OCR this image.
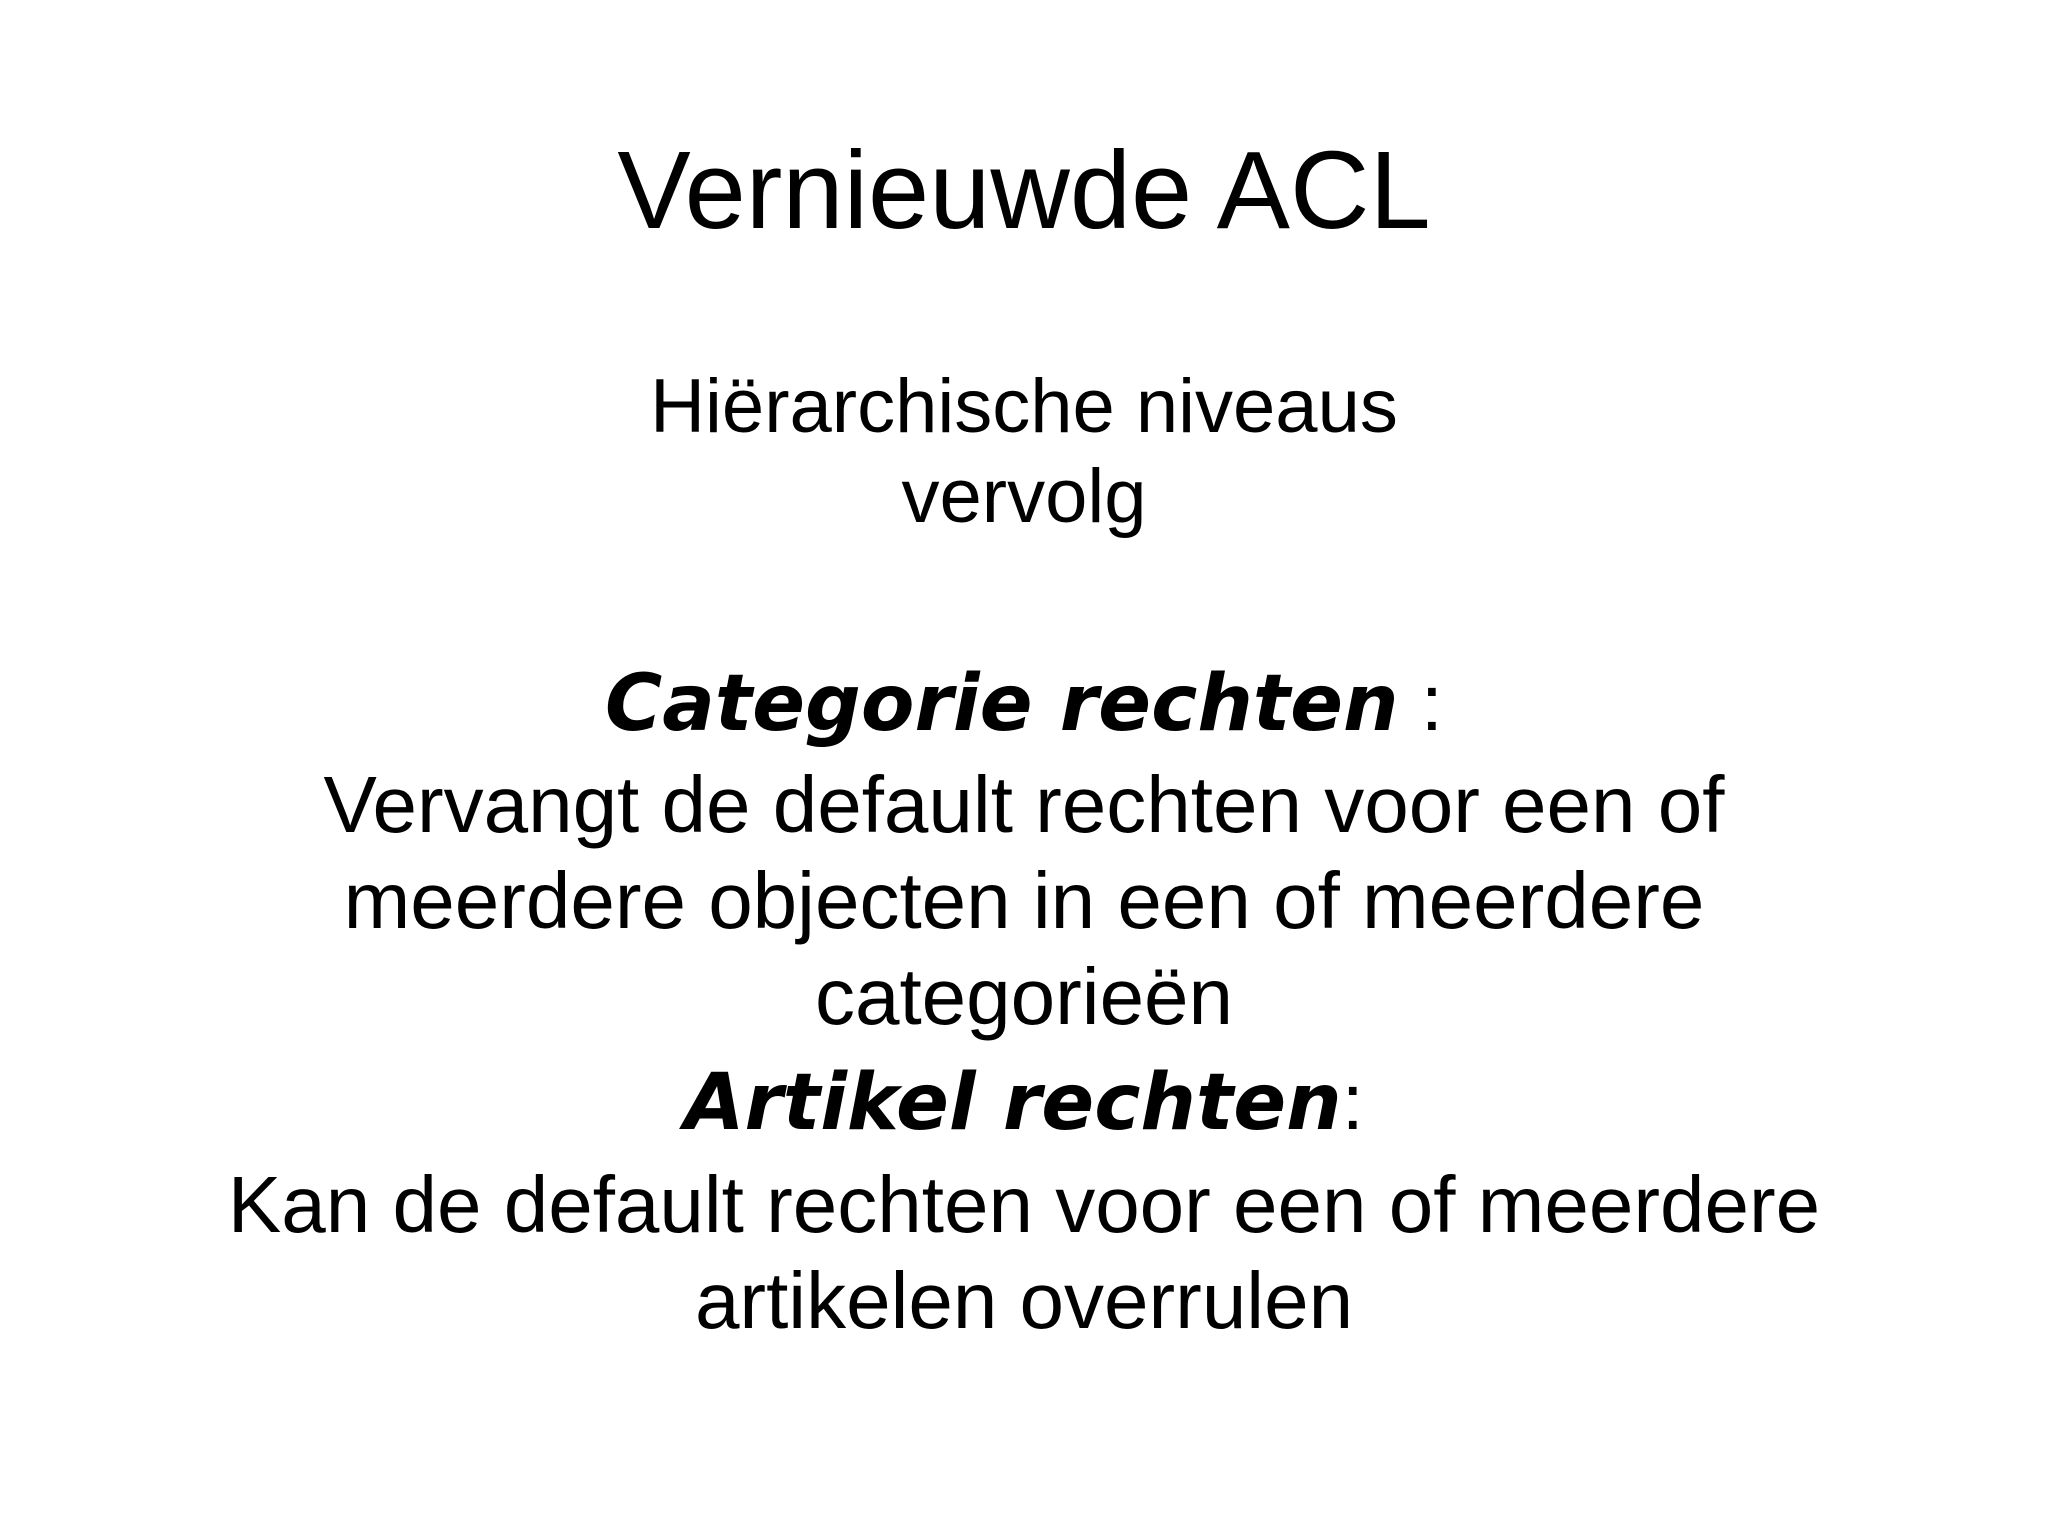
Vernieuwde ACL
Hiërarchische niveaus
vervolg
Categorie rechten :
Vervangt de default rechten voor een of
meerdere objecten in een of meerdere
categorieën
Artikel rechten:
Kan de default rechten voor een of meerdere
artikelen overrulen
